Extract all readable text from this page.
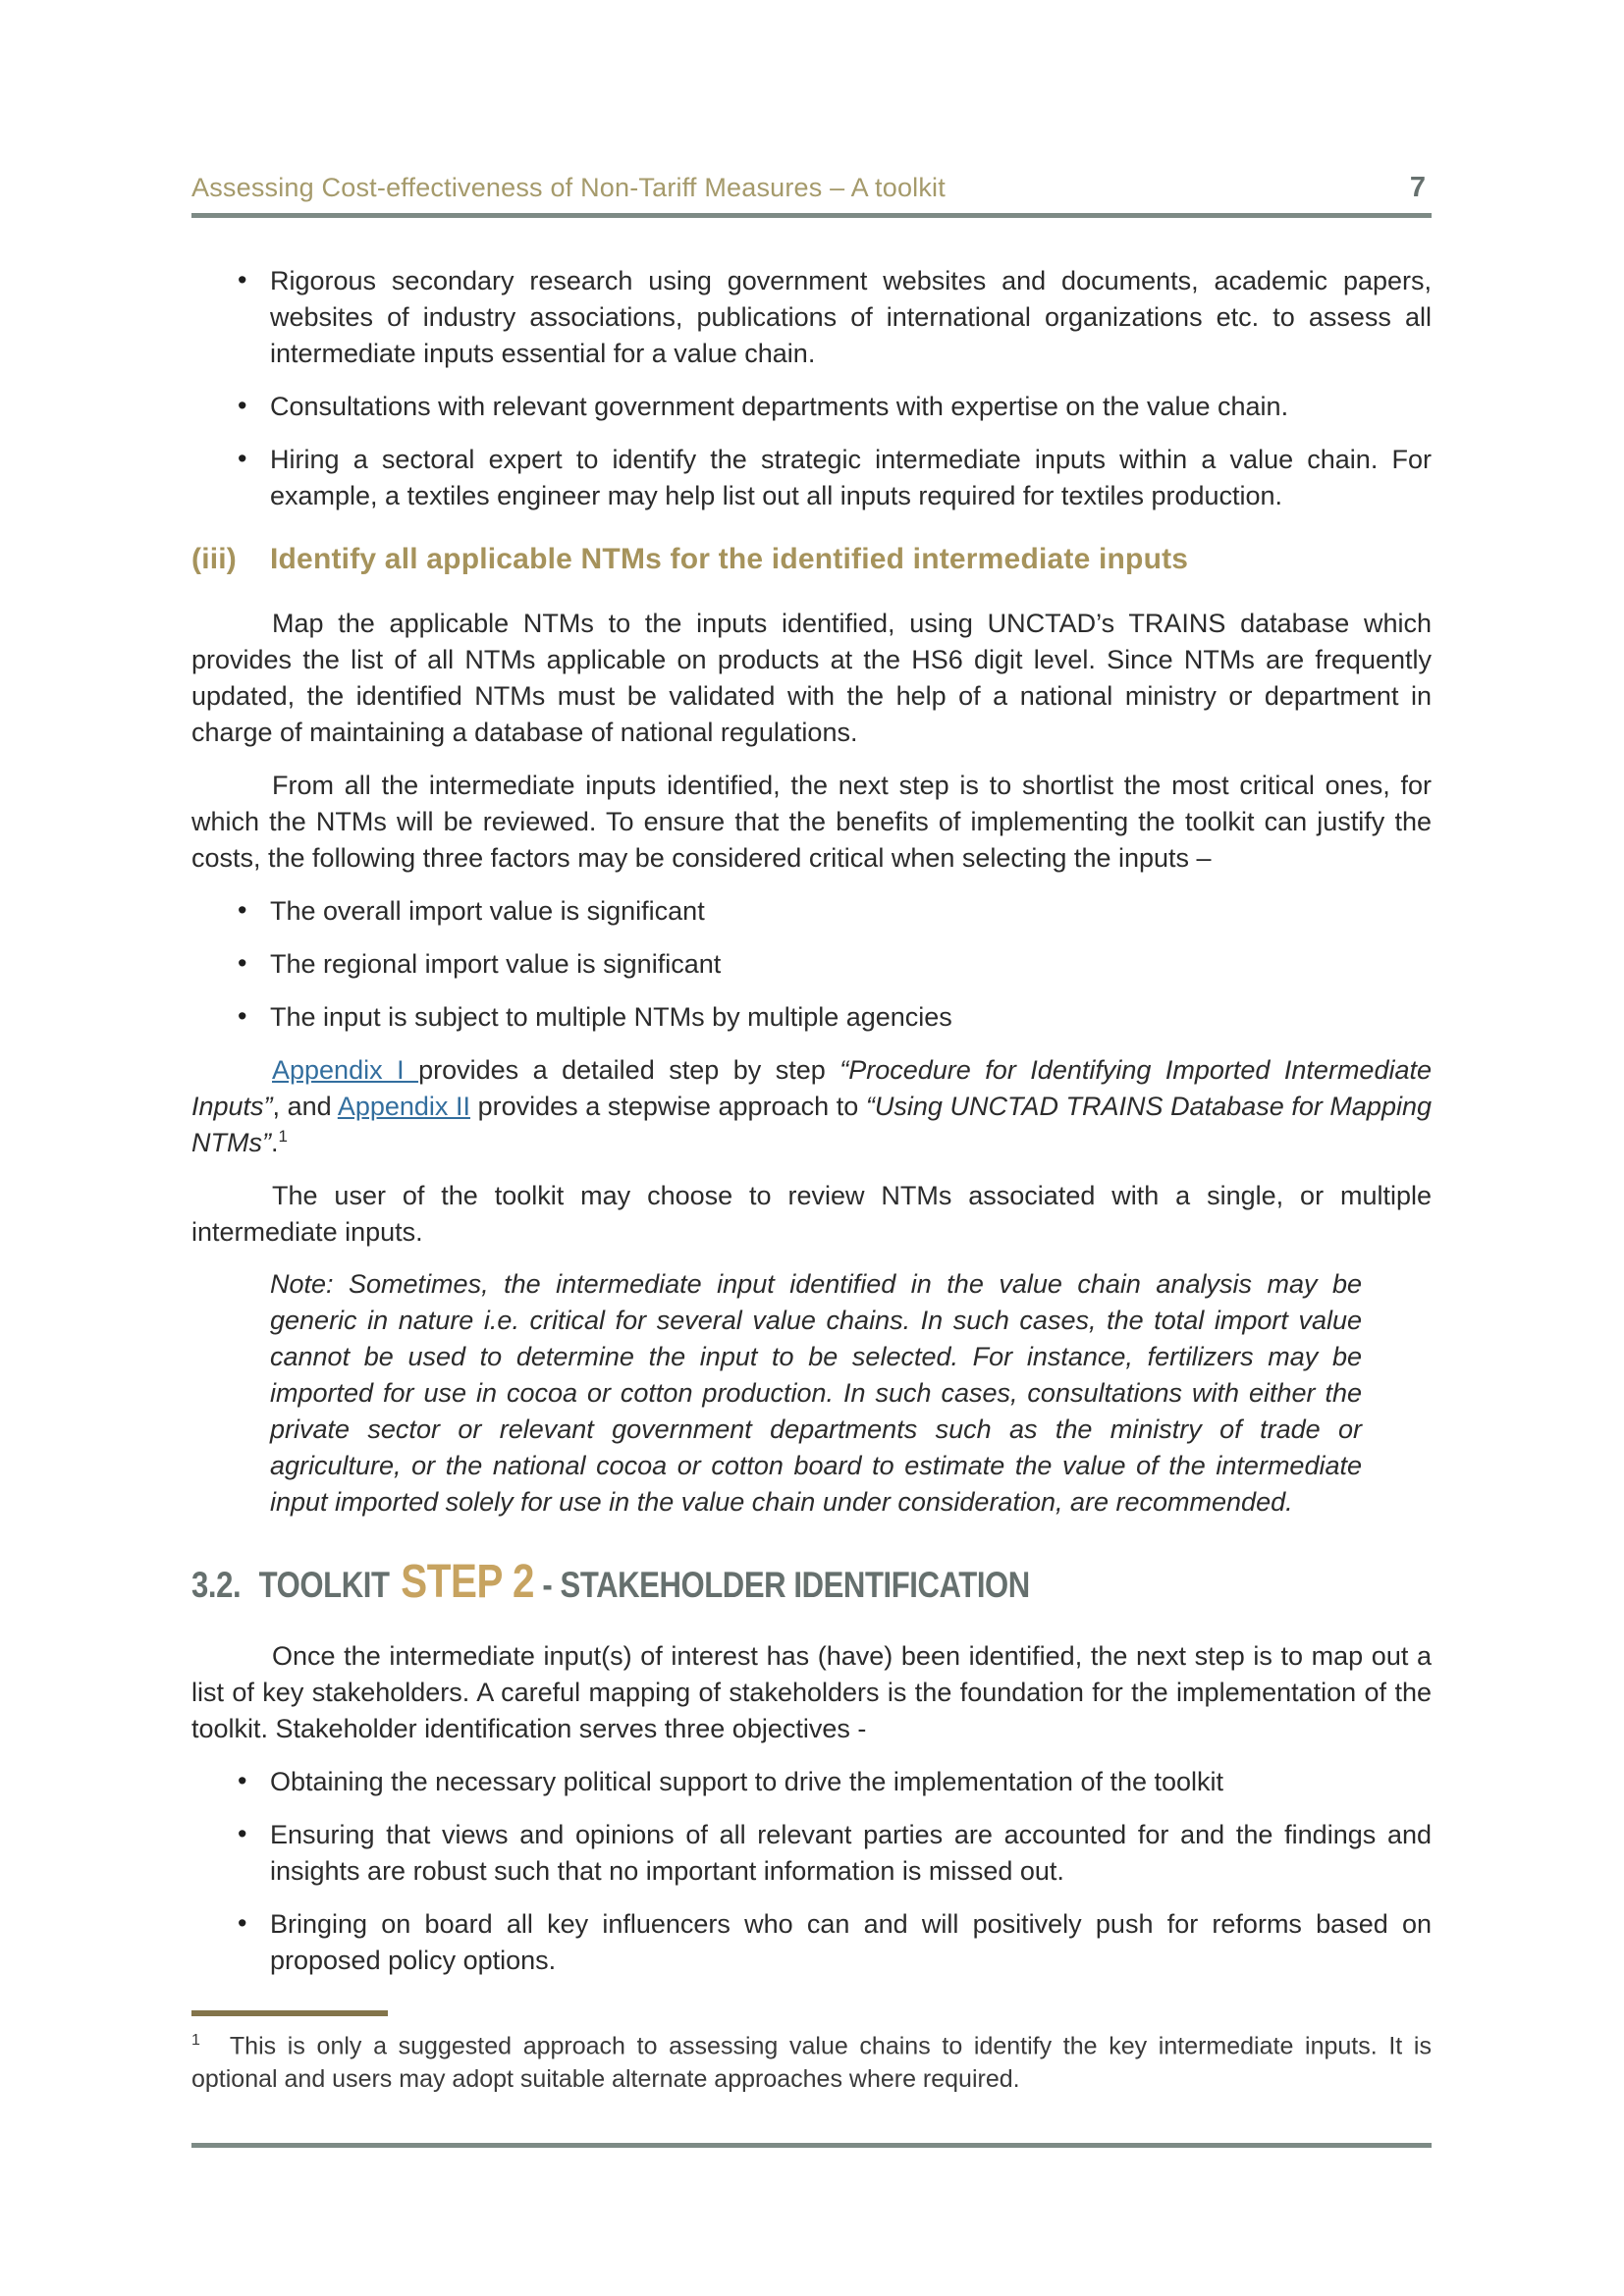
Assessing Cost-effectiveness of Non-Tariff Measures – A toolkit	7
• Rigorous secondary research using government websites and documents, academic papers, websites of industry associations, publications of international organizations etc. to assess all intermediate inputs essential for a value chain.
• Consultations with relevant government departments with expertise on the value chain.
• Hiring a sectoral expert to identify the strategic intermediate inputs within a value chain. For example, a textiles engineer may help list out all inputs required for textiles production.
(iii)	Identify all applicable NTMs for the identified intermediate inputs

Map the applicable NTMs to the inputs identified, using UNCTAD’s TRAINS database which provides the list of all NTMs applicable on products at the HS6 digit level. Since NTMs are frequently updated, the identified NTMs must be validated with the help of a national ministry or department in charge of maintaining a database of national regulations.

From all the intermediate inputs identified, the next step is to shortlist the most critical ones, for which the NTMs will be reviewed. To ensure that the benefits of implementing the toolkit can justify the costs, the following three factors may be considered critical when selecting the inputs –

• The overall import value is significant
• The regional import value is significant
• The input is subject to multiple NTMs by multiple agencies

Appendix I provides a detailed step by step “Procedure for Identifying Imported Intermediate Inputs”, and Appendix II provides a stepwise approach to “Using UNCTAD TRAINS Database for Mapping NTMs”.$^1$

The user of the toolkit may choose to review NTMs associated with a single, or multiple intermediate inputs.

Note: Sometimes, the intermediate input identified in the value chain analysis may be generic in nature i.e. critical for several value chains. In such cases, the total import value cannot be used to determine the input to be selected. For instance, fertilizers may be imported for use in cocoa or cotton production. In such cases, consultations with either the private sector or relevant government departments such as the ministry of trade or agriculture, or the national cocoa or cotton board to estimate the value of the intermediate input imported solely for use in the value chain under consideration, are recommended.
3.2. TOOLKIT STEP 2 - STAKEHOLDER IDENTIFICATION

Once the intermediate input(s) of interest has (have) been identified, the next step is to map out a list of key stakeholders. A careful mapping of stakeholders is the foundation for the implementation of the toolkit. Stakeholder identification serves three objectives -

• Obtaining the necessary political support to drive the implementation of the toolkit
• Ensuring that views and opinions of all relevant parties are accounted for and the findings and insights are robust such that no important information is missed out.
• Bringing on board all key influencers who can and will positively push for reforms based on proposed policy options.
$^1$ This is only a suggested approach to assessing value chains to identify the key intermediate inputs. It is optional and users may adopt suitable alternate approaches where required.
